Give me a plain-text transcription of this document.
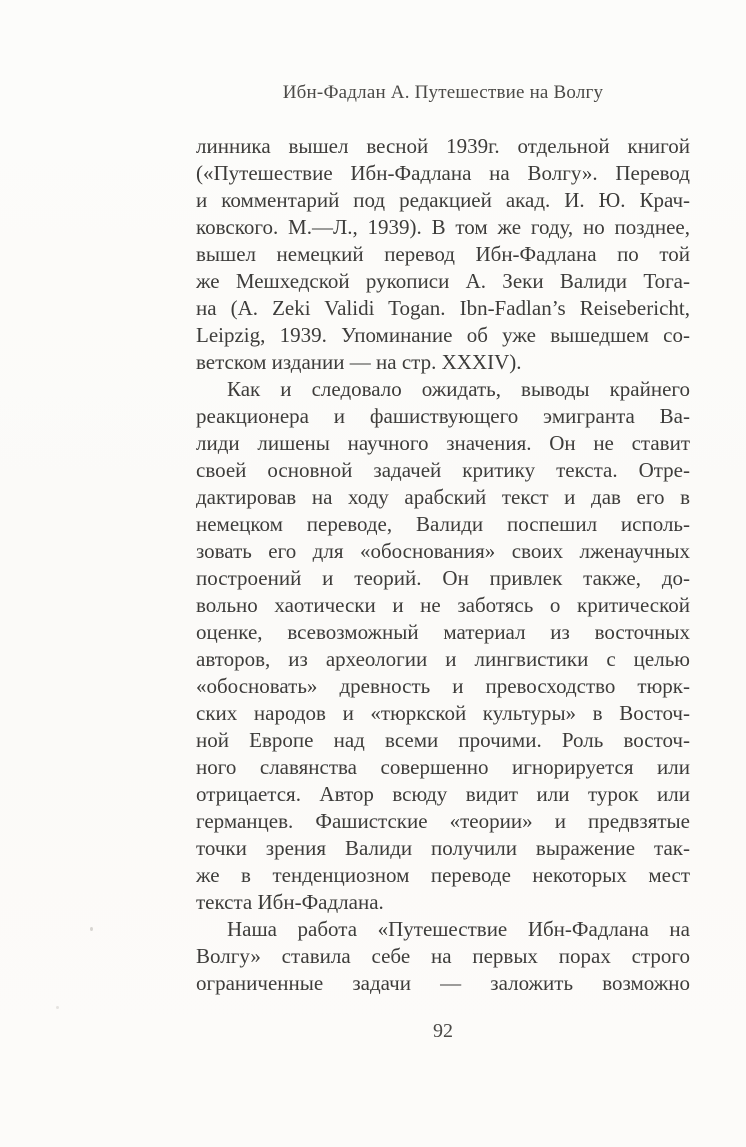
Ибн-Фадлан А. Путешествие на Волгу
линника вышел весной 1939г. отдельной книгой
(«Путешествие Ибн-Фадлана на Волгу». Перевод
и комментарий под редакцией акад. И. Ю. Крач-
ковского. М.—Л., 1939). В том же году, но позднее,
вышел немецкий перевод Ибн-Фадлана по той
же Мешхедской рукописи А. Зеки Валиди Тога-
на (A. Zeki Validi Togan. Ibn-Fadlan’s Reisebericht,
Leipzig, 1939. Упоминание об уже вышедшем со-
ветском издании — на стр. XXXIV).
Как и следовало ожидать, выводы крайнего
реакционера и фашиствующего эмигранта Ва-
лиди лишены научного значения. Он не ставит
своей основной задачей критику текста. Отре-
дактировав на ходу арабский текст и дав его в
немецком переводе, Валиди поспешил исполь-
зовать его для «обоснования» своих лженаучных
построений и теорий. Он привлек также, до-
вольно хаотически и не заботясь о критической
оценке, всевозможный материал из восточных
авторов, из археологии и лингвистики с целью
«обосновать» древность и превосходство тюрк-
ских народов и «тюркской культуры» в Восточ-
ной Европе над всеми прочими. Роль восточ-
ного славянства совершенно игнорируется или
отрицается. Автор всюду видит или турок или
германцев. Фашистские «теории» и предвзятые
точки зрения Валиди получили выражение так-
же в тенденциозном переводе некоторых мест
текста Ибн-Фадлана.
Наша работа «Путешествие Ибн-Фадлана на
Волгу» ставила себе на первых порах строго
ограниченные задачи — заложить возможно
92
